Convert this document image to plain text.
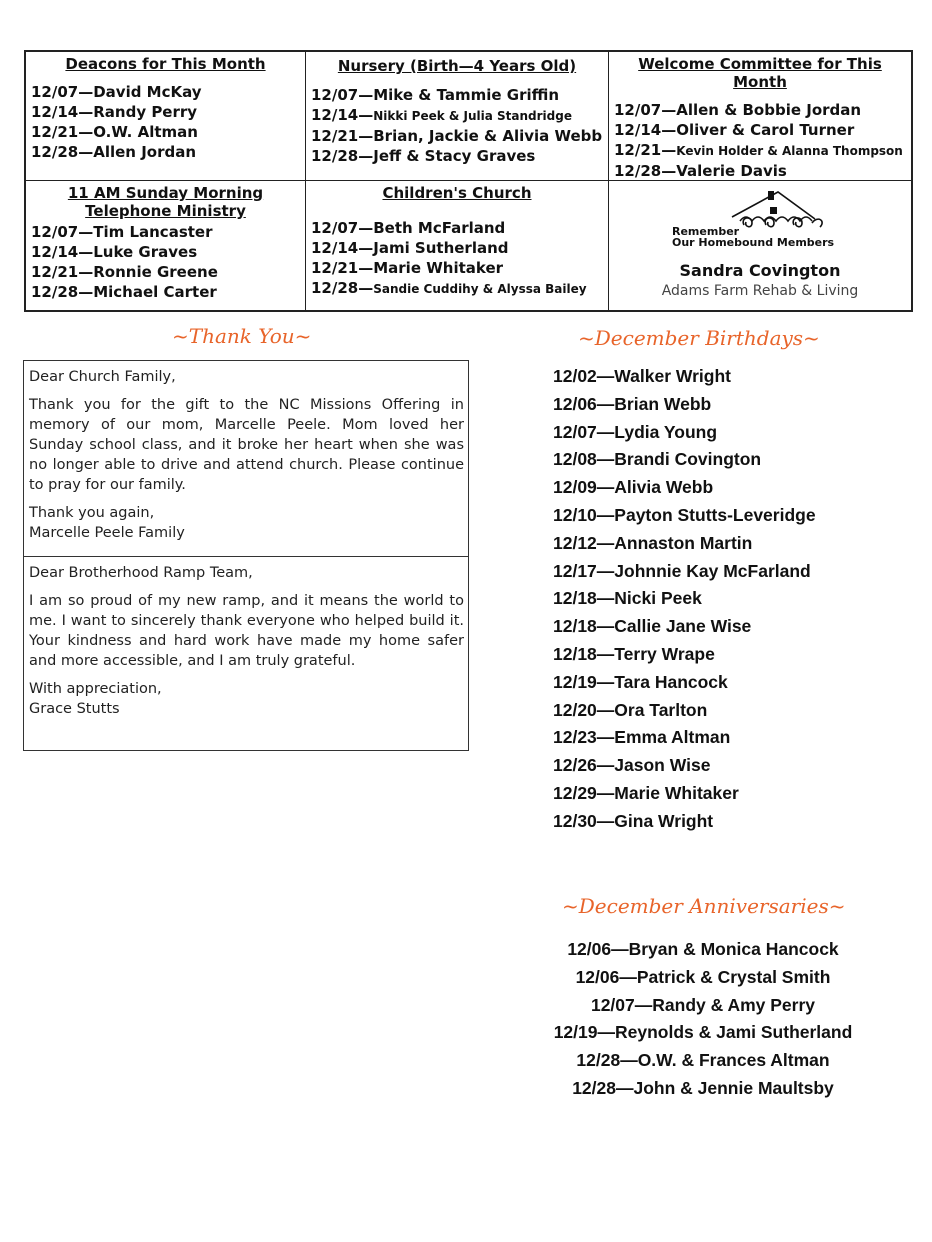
Deacons for This Month
12/07—David McKay
12/14—Randy Perry
12/21—O.W. Altman
12/28—Allen Jordan
Nursery (Birth—4 Years Old)
12/07—Mike & Tammie Griffin
12/14—Nikki Peek & Julia Standridge
12/21—Brian, Jackie & Alivia Webb
12/28—Jeff & Stacy Graves
Welcome Committee for This Month
12/07—Allen & Bobbie Jordan
12/14—Oliver & Carol Turner
12/21—Kevin Holder & Alanna Thompson
12/28—Valerie Davis
11 AM Sunday Morning
Telephone Ministry
12/07—Tim Lancaster
12/14—Luke Graves
12/21—Ronnie Greene
12/28—Michael Carter
Children's Church
12/07—Beth McFarland
12/14—Jami Sutherland
12/21—Marie Whitaker
12/28—Sandie Cuddihy & Alyssa Bailey
Remember
Our Homebound Members
Sandra Covington
Adams Farm Rehab & Living
~Thank You~

Dear Church Family,

Thank you for the gift to the NC Missions Offering in memory of our mom, Marcelle Peele. Mom loved her Sunday school class, and it broke her heart when she was no longer able to drive and attend church. Please continue to pray for our family.

Thank you again,

Marcelle Peele Family

Dear Brotherhood Ramp Team,

I am so proud of my new ramp, and it means the world to me. I want to sincerely thank everyone who helped build it. Your kindness and hard work have made my home safer and more accessible, and I am truly grateful.

With appreciation,

Grace Stutts

~December Birthdays~
12/02—Walker Wright
12/06—Brian Webb
12/07—Lydia Young
12/08—Brandi Covington
12/09—Alivia Webb
12/10—Payton Stutts-Leveridge
12/12—Annaston Martin
12/17—Johnnie Kay McFarland
12/18—Nicki Peek
12/18—Callie Jane Wise
12/18—Terry Wrape
12/19—Tara Hancock
12/20—Ora Tarlton
12/23—Emma Altman
12/26—Jason Wise
12/29—Marie Whitaker
12/30—Gina Wright
~December Anniversaries~
12/06—Bryan & Monica Hancock
12/06—Patrick & Crystal Smith
12/07—Randy & Amy Perry
12/19—Reynolds & Jami Sutherland
12/28—O.W. & Frances Altman
12/28—John & Jennie Maultsby
